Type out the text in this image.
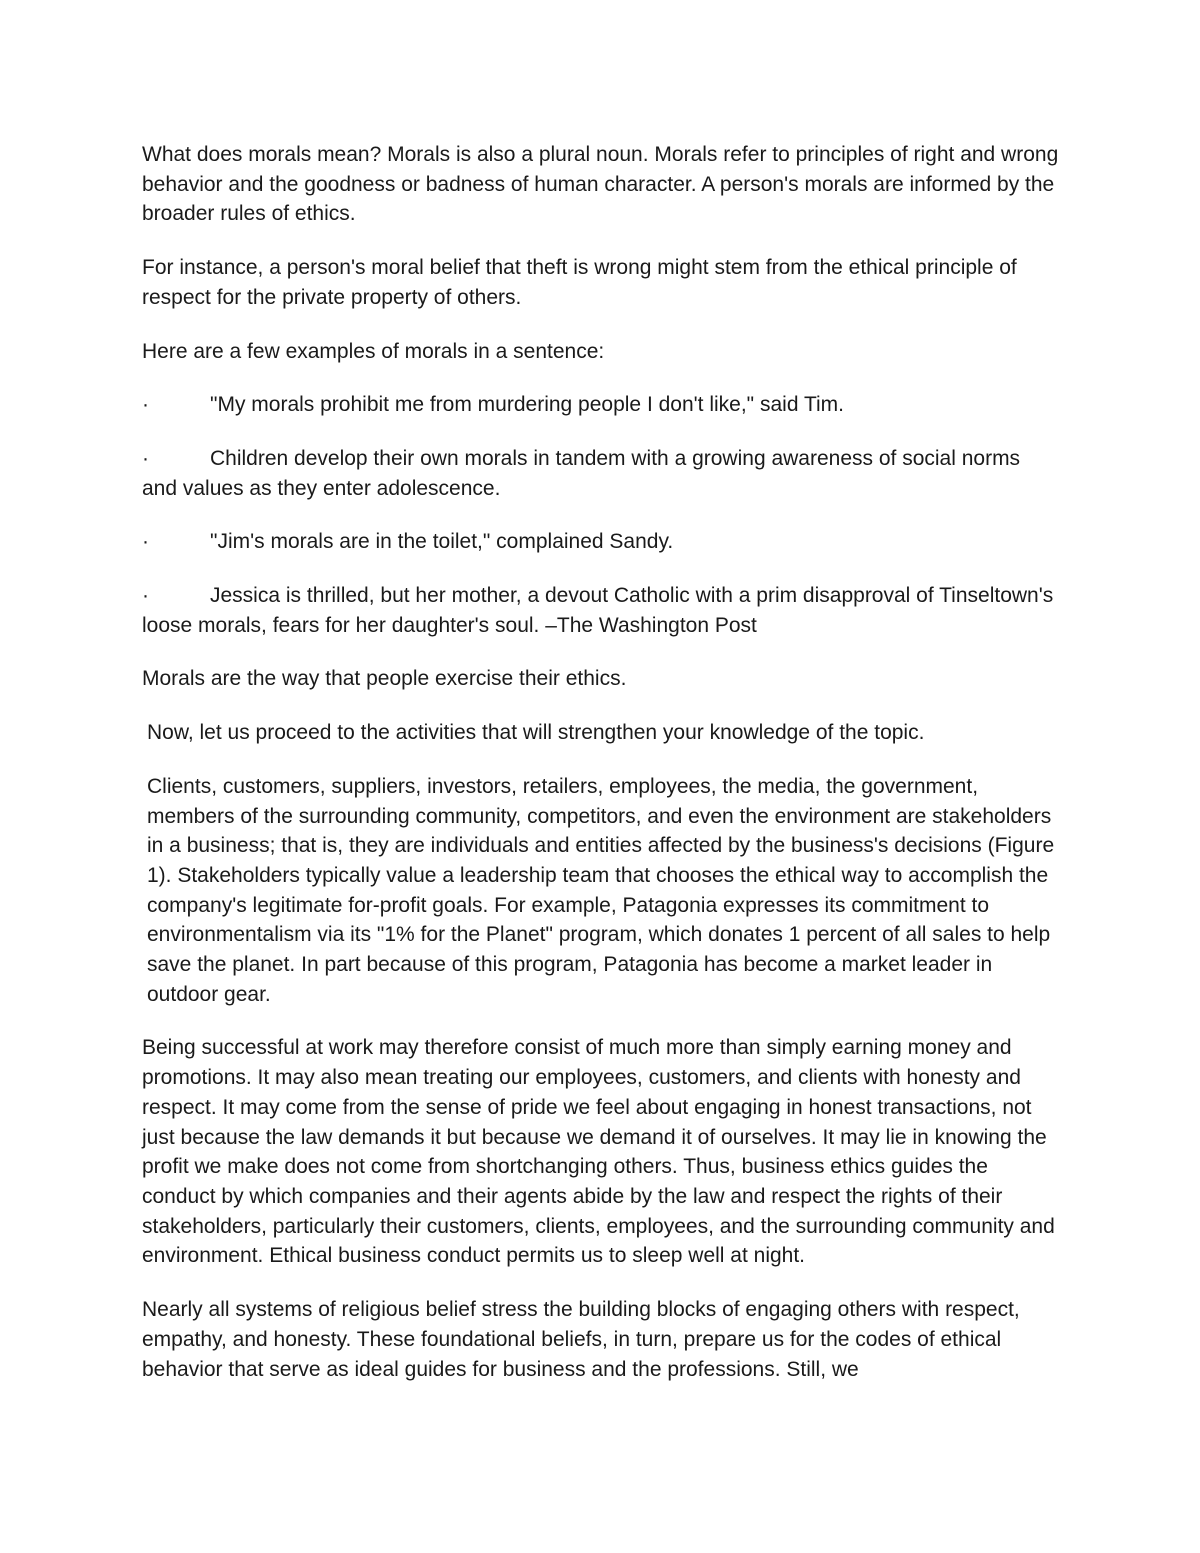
What does morals mean? Morals is also a plural noun. Morals refer to principles of right and wrong behavior and the goodness or badness of human character. A person's morals are informed by the broader rules of ethics.

For instance, a person's moral belief that theft is wrong might stem from the ethical principle of respect for the private property of others.

Here are a few examples of morals in a sentence:

·	"My morals prohibit me from murdering people I don't like," said Tim.

·	Children develop their own morals in tandem with a growing awareness of social norms and values as they enter adolescence.

·	"Jim's morals are in the toilet," complained Sandy.

·	Jessica is thrilled, but her mother, a devout Catholic with a prim disapproval of Tinseltown's loose morals, fears for her daughter's soul. –The Washington Post

Morals are the way that people exercise their ethics.

Now, let us proceed to the activities that will strengthen your knowledge of the topic.

Clients, customers, suppliers, investors, retailers, employees, the media, the government, members of the surrounding community, competitors, and even the environment are stakeholders in a business; that is, they are individuals and entities affected by the business's decisions (Figure 1). Stakeholders typically value a leadership team that chooses the ethical way to accomplish the company's legitimate for-profit goals. For example, Patagonia expresses its commitment to environmentalism via its "1% for the Planet" program, which donates 1 percent of all sales to help save the planet. In part because of this program, Patagonia has become a market leader in outdoor gear.

Being successful at work may therefore consist of much more than simply earning money and promotions. It may also mean treating our employees, customers, and clients with honesty and respect. It may come from the sense of pride we feel about engaging in honest transactions, not just because the law demands it but because we demand it of ourselves. It may lie in knowing the profit we make does not come from shortchanging others. Thus, business ethics guides the conduct by which companies and their agents abide by the law and respect the rights of their stakeholders, particularly their customers, clients, employees, and the surrounding community and environment. Ethical business conduct permits us to sleep well at night.

Nearly all systems of religious belief stress the building blocks of engaging others with respect, empathy, and honesty. These foundational beliefs, in turn, prepare us for the codes of ethical behavior that serve as ideal guides for business and the professions. Still, we
